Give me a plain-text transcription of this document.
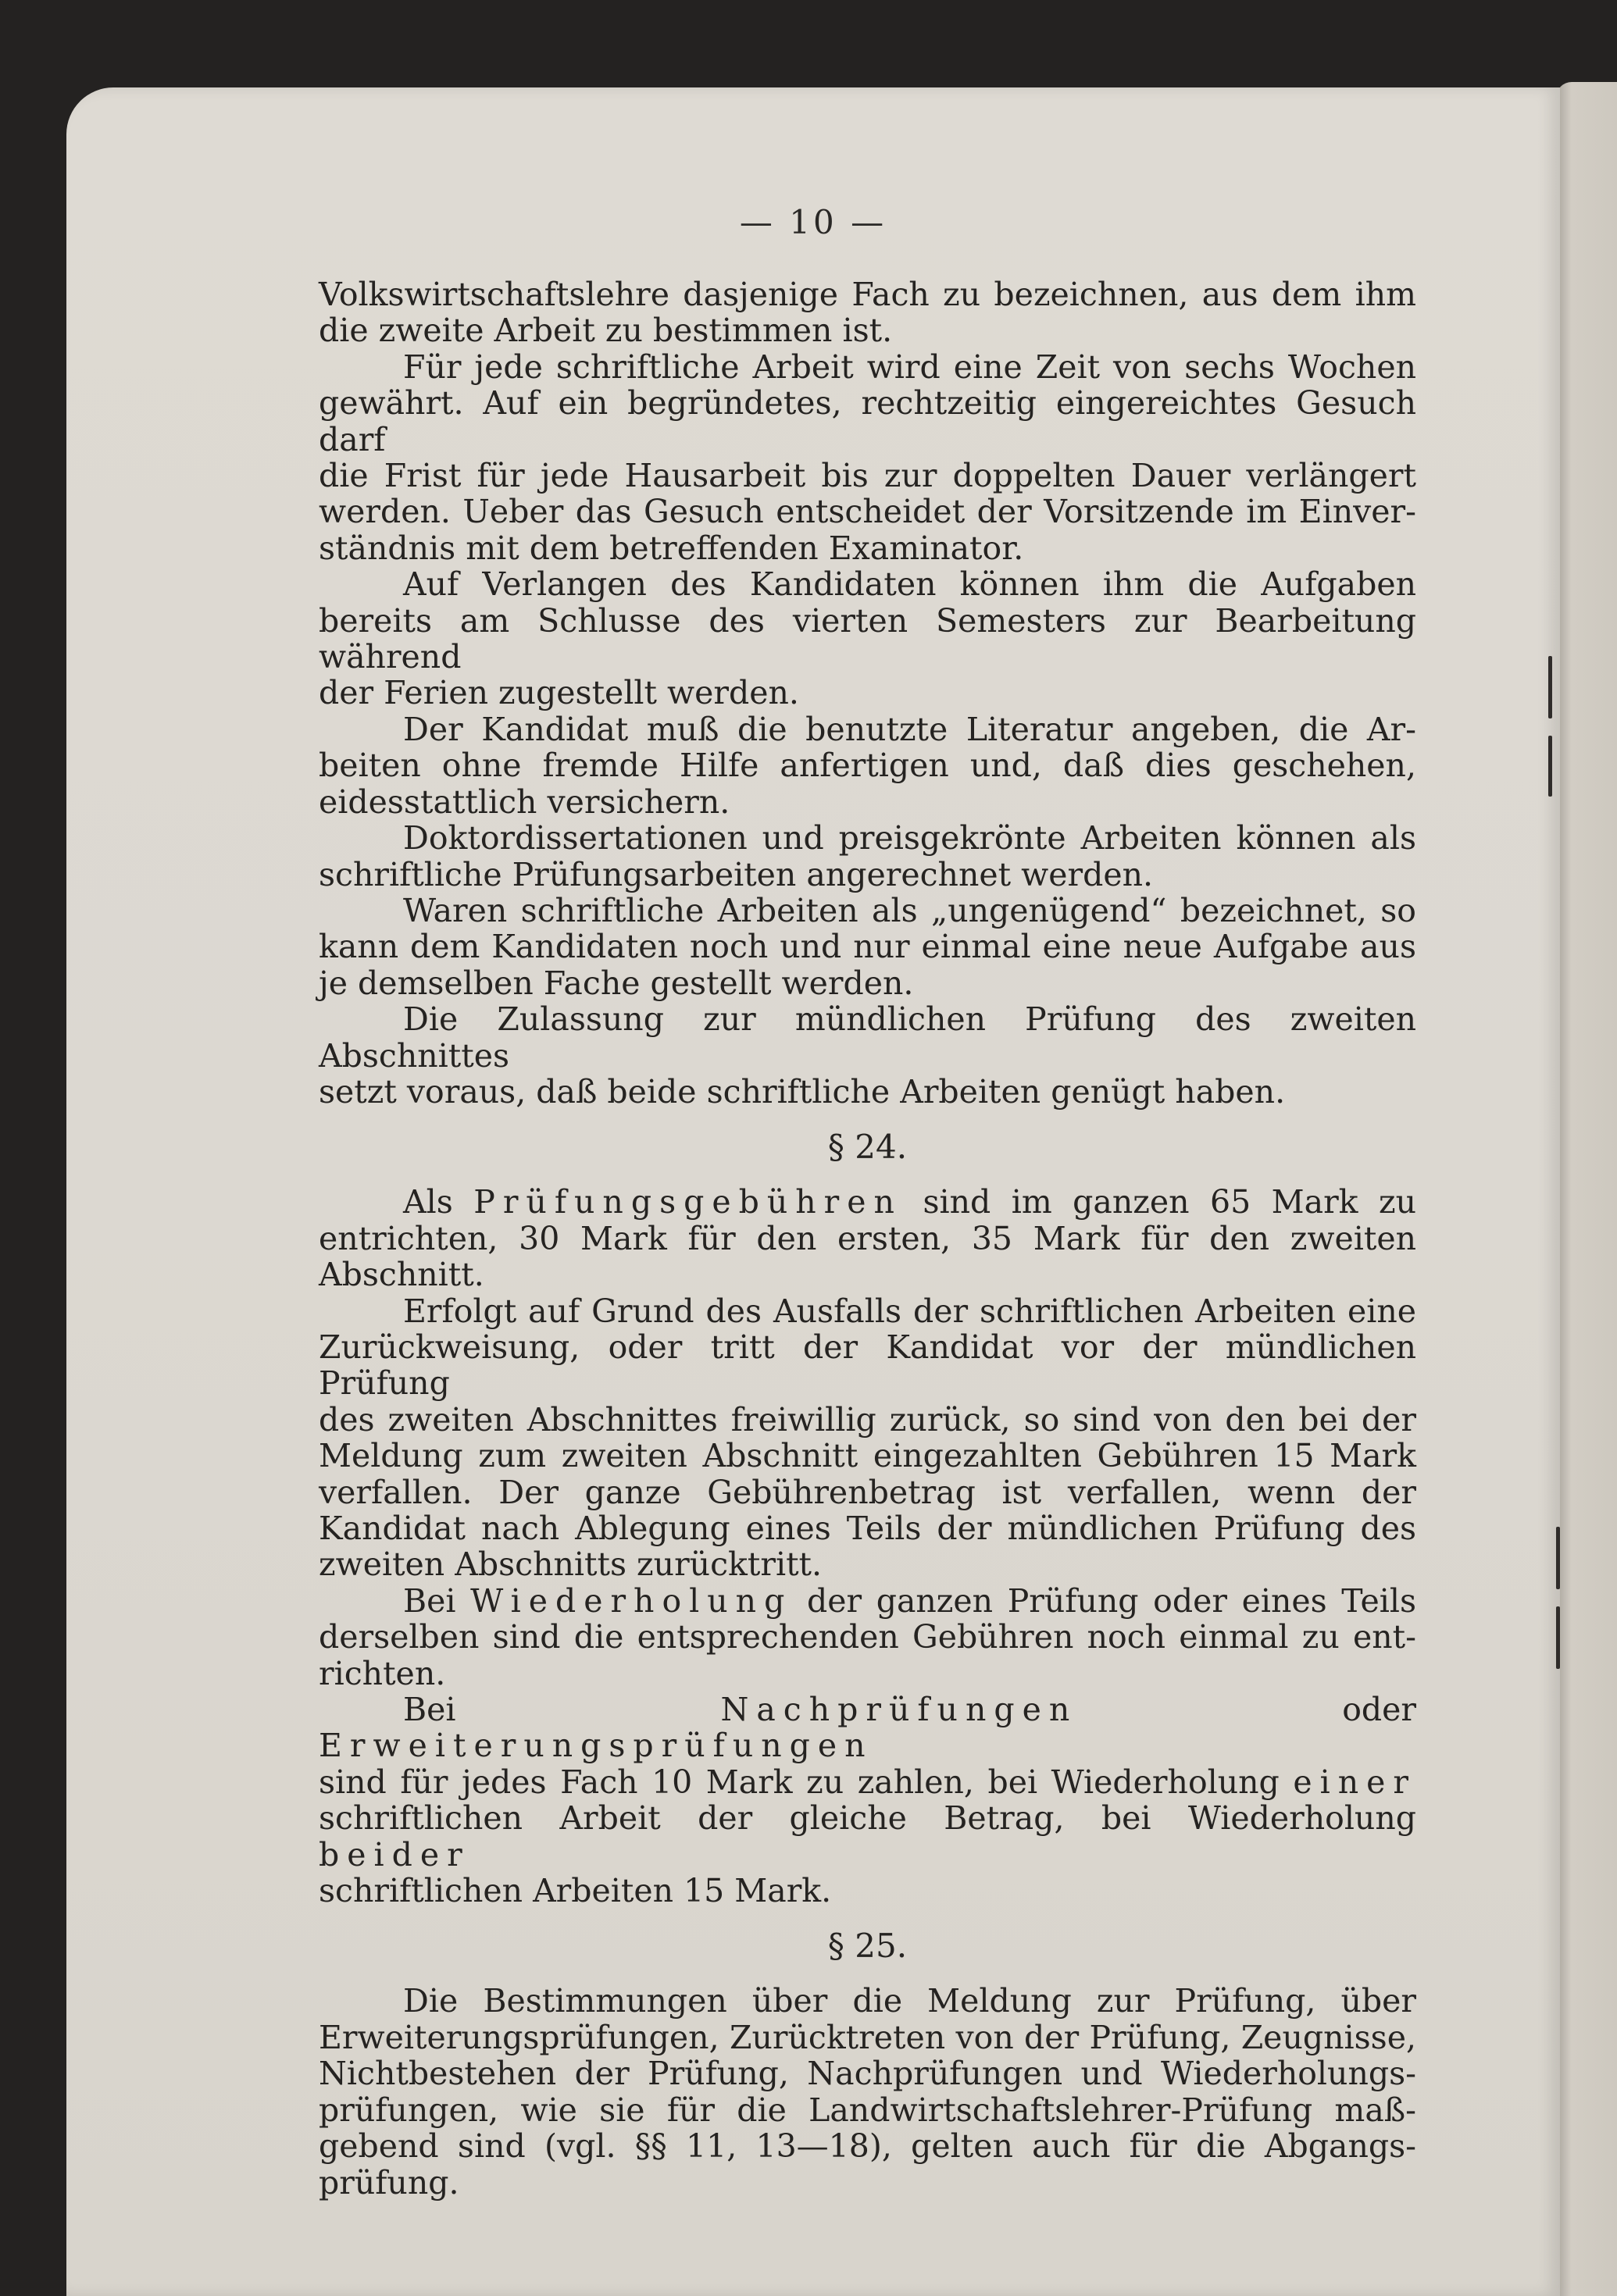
— 10 —

Volkswirtschaftslehre dasjenige Fach zu bezeichnen, aus dem ihm

die zweite Arbeit zu bestimmen ist.

Für jede schriftliche Arbeit wird eine Zeit von sechs Wochen

gewährt. Auf ein begründetes, rechtzeitig eingereichtes Gesuch darf

die Frist für jede Hausarbeit bis zur doppelten Dauer verlängert

werden. Ueber das Gesuch entscheidet der Vorsitzende im Einver-

ständnis mit dem betreffenden Examinator.

Auf Verlangen des Kandidaten können ihm die Aufgaben

bereits am Schlusse des vierten Semesters zur Bearbeitung während

der Ferien zugestellt werden.

Der Kandidat muß die benutzte Literatur angeben, die Ar-

beiten ohne fremde Hilfe anfertigen und, daß dies geschehen,

eidesstattlich versichern.

Doktordissertationen und preisgekrönte Arbeiten können als

schriftliche Prüfungsarbeiten angerechnet werden.

Waren schriftliche Arbeiten als „ungenügend“ bezeichnet, so

kann dem Kandidaten noch und nur einmal eine neue Aufgabe aus

je demselben Fache gestellt werden.

Die Zulassung zur mündlichen Prüfung des zweiten Abschnittes

setzt voraus, daß beide schriftliche Arbeiten genügt haben.

§ 24.

Als Prüfungsgebühren sind im ganzen 65 Mark zu

entrichten, 30 Mark für den ersten, 35 Mark für den zweiten

Abschnitt.

Erfolgt auf Grund des Ausfalls der schriftlichen Arbeiten eine

Zurückweisung, oder tritt der Kandidat vor der mündlichen Prüfung

des zweiten Abschnittes freiwillig zurück, so sind von den bei der

Meldung zum zweiten Abschnitt eingezahlten Gebühren 15 Mark

verfallen. Der ganze Gebührenbetrag ist verfallen, wenn der

Kandidat nach Ablegung eines Teils der mündlichen Prüfung des

zweiten Abschnitts zurücktritt.

Bei Wiederholung der ganzen Prüfung oder eines Teils

derselben sind die entsprechenden Gebühren noch einmal zu ent-

richten.

Bei	Nachprüfungen	oder Erweiterungsprüfungen

sind für jedes Fach 10 Mark zu zahlen, bei Wiederholung einer

schriftlichen Arbeit der gleiche Betrag, bei Wiederholung beider

schriftlichen Arbeiten 15 Mark.

§ 25.

Die Bestimmungen über die Meldung zur Prüfung, über

Erweiterungsprüfungen, Zurücktreten von der Prüfung, Zeugnisse,

Nichtbestehen der Prüfung, Nachprüfungen und Wiederholungs-

prüfungen, wie sie für die Landwirtschaftslehrer-Prüfung maß-

gebend sind (vgl. §§ 11, 13—18), gelten auch für die Abgangs-

prüfung.
